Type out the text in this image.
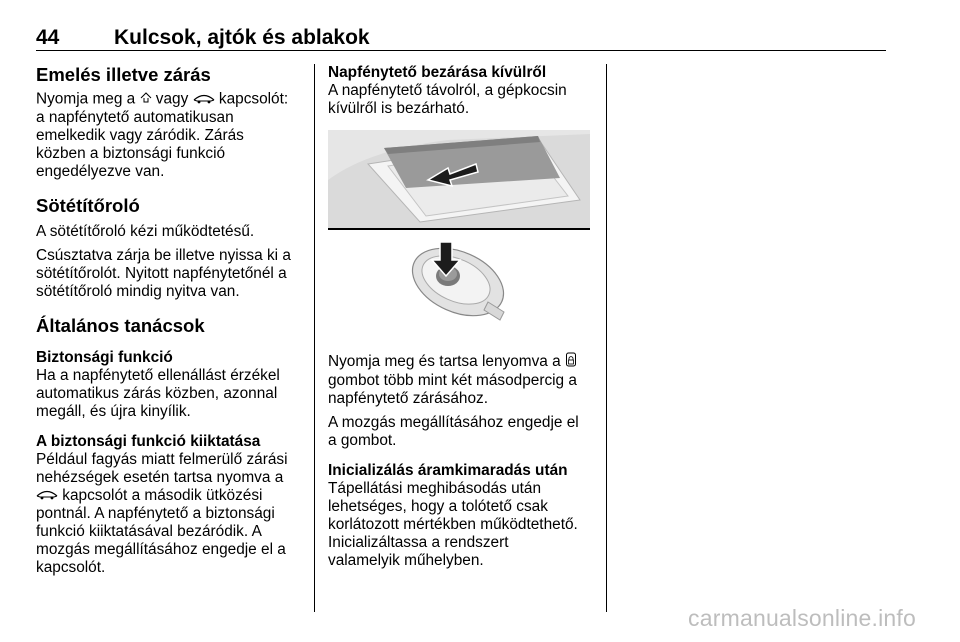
44	Kulcsok, ajtók és ablakok
Emelés illetve zárás
Nyomja meg a vagy kapcsolót:
a napfénytető automatikusan
emelkedik vagy záródik. Zárás
közben a biztonsági funkció
engedélyezve van.
Sötétítőroló
A sötétítőroló kézi működtetésű.
Csúsztatva zárja be illetve nyissa ki a
sötétítőrolót. Nyitott napfénytetőnél a
sötétítőroló mindig nyitva van.
Általános tanácsok
Biztonsági funkció
Ha a napfénytető ellenállást érzékel
automatikus zárás közben, azonnal
megáll, és újra kinyílik.
A biztonsági funkció kiiktatása
Például fagyás miatt felmerülő zárási
nehézségek esetén tartsa nyomva a
kapcsolót a második ütközési
pontnál. A napfénytető a biztonsági
funkció kiiktatásával bezáródik. A
mozgás megállításához engedje el a
kapcsolót.
Napfénytető bezárása kívülről
A napfénytető távolról, a gépkocsin
kívülről is bezárható.
Nyomja meg és tartsa lenyomva a
gombot több mint két másodpercig a
napfénytető zárásához.
A mozgás megállításához engedje el
a gombot.
Inicializálás áramkimaradás után
Tápellátási meghibásodás után
lehetséges, hogy a tolótető csak
korlátozott mértékben működtethető.
Inicializáltassa a rendszert
valamelyik műhelyben.
carmanualsonline.info
